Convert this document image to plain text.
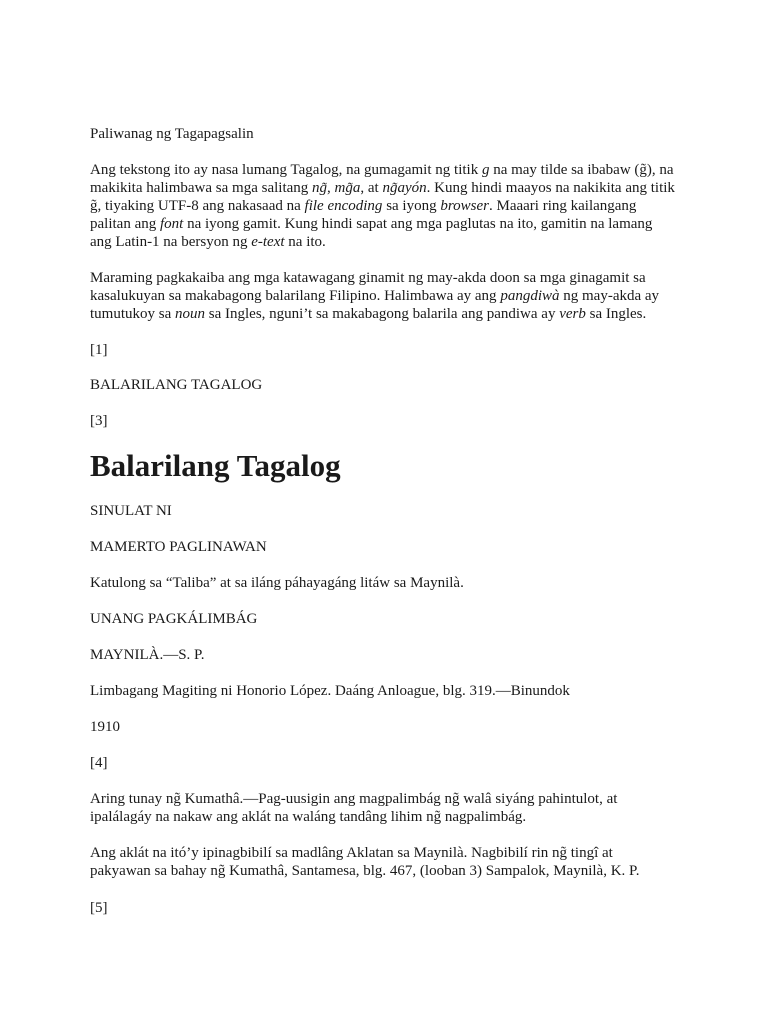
Paliwanag ng Tagapagsalin

Ang tekstong ito ay nasa lumang Tagalog, na gumagamit ng titik g na may tilde sa ibabaw (g̃), na

makikita halimbawa sa mga salitang ng̃, mg̃a, at ng̃ayón. Kung hindi maayos na nakikita ang titik

g̃, tiyaking UTF-8 ang nakasaad na file encoding sa iyong browser. Maaari ring kailangang

palitan ang font na iyong gamit. Kung hindi sapat ang mga paglutas na ito, gamitin na lamang

ang Latin-1 na bersyon ng e-text na ito.

Maraming pagkakaiba ang mga katawagang ginamit ng may-akda doon sa mga ginagamit sa

kasalukuyan sa makabagong balarilang Filipino. Halimbawa ay ang pangdiwà ng may-akda ay

tumutukoy sa noun sa Ingles, nguni’t sa makabagong balarila ang pandiwa ay verb sa Ingles.

[1]

BALARILANG TAGALOG

[3]

Balarilang Tagalog

SINULAT NI

MAMERTO PAGLINAWAN

Katulong sa “Taliba” at sa iláng páhayagáng litáw sa Maynilà.

UNANG PAGKÁLIMBÁG

MAYNILÀ.—S. P.

Limbagang Magiting ni Honorio López. Daáng Anloague, blg. 319.—Binundok

1910

[4]

Aring tunay ng̃ Kumathâ.—Pag-uusigin ang magpalimbág ng̃ walâ siyáng pahintulot, at

ipalálagáy na nakaw ang aklát na waláng tandâng lihim ng̃ nagpalimbág.

Ang aklát na itó’y ipinagbibilí sa madlâng Aklatan sa Maynilà. Nagbibilí rin ng̃ tingî at

pakyawan sa bahay ng̃ Kumathâ, Santamesa, blg. 467, (looban 3) Sampalok, Maynilà, K. P.

[5]
